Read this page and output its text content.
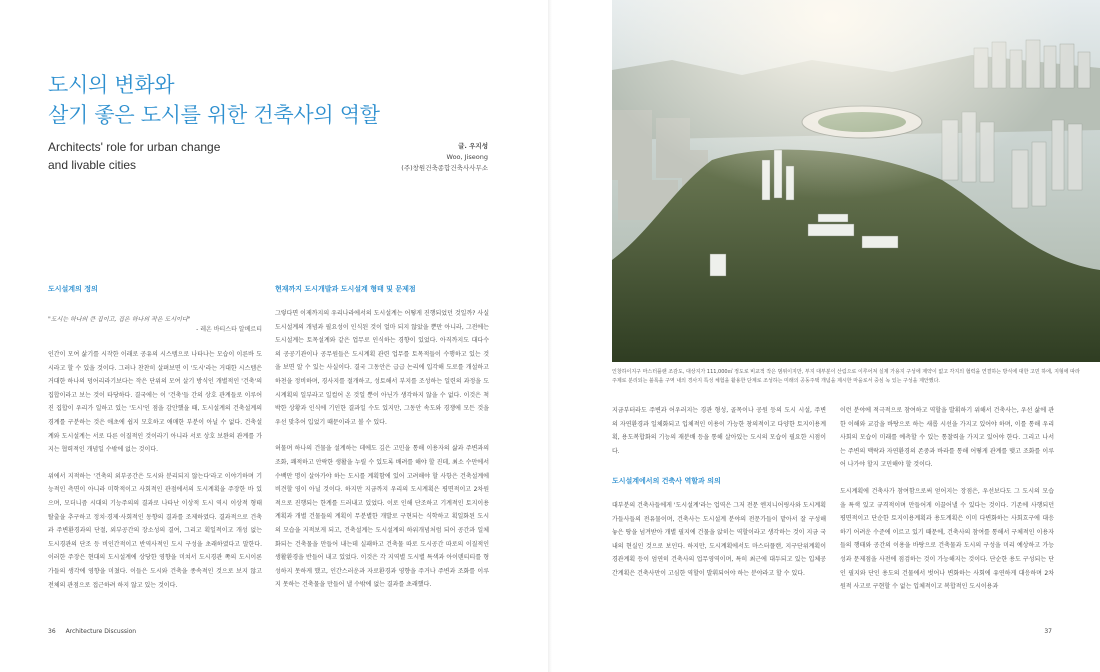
도시의 변화와
살기 좋은 도시를 위한 건축사의 역할
Architects' role for urban change
and livable cities
글. 우지성
Woo, Jiseong
(주)창원건축종합건축사사무소
도시설계의 정의
"도시는 하나의 큰 집이고, 집은 하나의 작은 도시이다"
- 레온 바티스타 알베르티

인간이 모여 삶기를 시작한 이래로 공유의 시스템으로 나타나는 모습이 이른바 도시라고 할 수 있을 것이다. 그러나 찬찬히 살펴보면 이 '도시'라는 거대한 시스템은 거대한 하나의 덩어리라기보다는 작은 단위의 모여 살기 방식인 개별적인 '건축'의 집합이라고 보는 것이 타당하다. 결국에는 이 '건축'들 간의 상호 관계들로 이루어진 집합이 우리가 일하고 있는 '도시'인 점을 감안했을 때, 도시설계의 건축설계의 경계를 구분하는 것은 애초에 쉽지 모호하고 애매한 부분이 아닐 수 없다. 건축설계와 도시설계는 서로 다른 이질적인 것이라기 아니라 서로 상호 보완의 관계를 가지는 협력적인 개념일 수밖에 없는 것이다.

위에서 지적하는 '건축의 외부공간은 도시와 분리되지 않는다'라고 이야기하며 기능적인 측면이 아니라 미학적이고 사회적인 관점에서의 도시계획을 주장한 바 있으며, 모더니즘 시대의 기능주의의 결과로 나타난 이상적 도시 역시 이상적 형태 탈출을 추구하고 정치·경제·사회적인 동향의 결과를 조제하였다. 결과적으로 건축과 주변환경과의 단절, 외부공간의 장소성의 결여, 그리고 획일적이고 개성 없는 도시경관의 단조 등 비인간적이고 반역사적인 도시 구성을 초래하였다고 말한다. 이러한 주장은 현대의 도시설계에 상당한 영향을 미쳐서 도시경관 쪽의 도시이론가들의 생각에 영향을 미쳤다. 이들은 도시와 건축을 종속적인 것으로 보지 않고 전체의 관점으로 접근하려 하지 않고 있는 것이다.

현재까지 도시개발과 도시설계 형태 및 문제점

그렇다면 이제까지의 우리나라에서의 도시설계는 어떻게 진행되었던 것일까? 사실 도시설계의 개념과 필요성이 인식된 것이 얼마 되지 않았을 뿐만 아니라, 그전에는 도시설계는 토목설계와 같은 업무로 인식하는 경향이 있었다. 아직까지도 대다수의 공공기관이나 공무원들은 도시계획 관련 업무를 토목적들이 수행하고 있는 것을 보면 알 수 있는 사실이다. 결국 그동안은 급급 논리에 입각해 도로를 개설하고 하천을 정비하며, 경사지를 절개하고, 성토해서 부지를 조성하는 일련의 과정을 도시계획의 일부라고 일컬어 온 것일 뿐이 아닌가 생각하지 않을 수 없다. 이것은 척박한 상황과 인식에 기인한 결과일 수도 있지만, 그동안 속도와 경쟁에 모든 것을 우선 맞추어 입었기 때문이라고 볼 수 있다.

허물며 하나의 건물을 설계하는 데에도 깊은 고민을 통해 이용자의 삶과 주변과의 조화, 쾌적하고 안락한 생활을 누릴 수 있도록 배려를 해야 할 진데, 최소 수만에서 수백만 명이 살아가야 하는 도시를 계획함에 있어 고려해야 할 사항은 건축설계에 비견할 영이 아닐 것이다. 하지만 지금까지 우리의 도시계획은 평면적이고 2차원적으로 진행되는 한계를 드러내고 있었다. 이로 인해 단조하고 기계적인 토지이용계획과 개별 건물들의 계획이 무분별한 개발로 구현되는 식학하고 획일화된 도시의 모습을 지적보게 되고, 건축설계는 도시설계의 하위개념처럼 되어 공간과 일체화되는 건축물을 만들어 내는데 실패하고 건축물 따로 도시공간 따로의 이질적인 생활환경을 반들어 내고 있었다. 이것은 각 지역별 도시별 특색과 아이덴티티를 형성하지 못하게 했고, 인간스러운과 자로환경과 영향을 주거나 주변과 조화를 이루지 못하는 건축물을 만들어 낼 수밖에 없는 결과를 초래했다.

36 Architecture Discussion
인창하이지구 마스터플랜 조감도, 대상지가 111,000㎡ 정도로 비교적 작은 범위이지만, 부지 대부분이 산림으로 이루어져 실제 가용지 구성에 제약이 없고 각지의 협력을 연결하는 방식에 대한 고민 하에, 지형에 따라 주제로 분리되는 블록을 구역 내의 경사지 특성 체험을 활용한 단계로 조성하는 미래의 공동주택 개념을 제시한 마을로서 중심 녹 있는 구성을 제안했다.

지금부터라도 주변과 어우러지는 경관 형성, 골목이나 공원 등의 도시 시설, 주변의 자연환경과 일체화되고 입체적인 이용이 가능한 창의적이고 다양한 토지이용계획, 용도복합화의 기능의 재분배 등을 통해 살아있는 도시의 모습이 필요한 시점이다.

도시설계에서의 건축사 역할과 의의

대부분의 건축사들에게 '도시설계'라는 업역은 그저 전문 엔지니어링사와 도시계획가들사들의 전유물이며, 건축사는 도시설계 분야의 전문가들이 맡아서 잘 구성해 놓은 땅을 넘겨받아 개별 필지에 건물을 앉히는 역할이라고 생각하는 것이 지금 국내의 현실인 것으로 보인다. 하지만, 도시계획에서도 마스터플랜, 지구단위계획이 경관계획 등이 엄연히 건축사의 업무영역이며, 특히 최근에 대두되고 있는 입체공간계획은 건축사만이 고심한 역할이 발휘되어야 하는 분야라고 할 수 있다.

이런 분야에 적극적으로 참여하고 역할을 발휘하기 위해서 건축사는, 우선 삶에 관한 이해와 교감을 바탕으로 하는 새롭 시선을 가지고 있어야 하며, 이를 통해 우리 사회의 모습이 미래를 예측할 수 있는 통찰력을 가지고 있어야 한다. 그리고 나서는 주변의 맥락과 자연환경의 존중과 바라를 통해 어떻게 관계를 맺고 조화를 이루어 나가야 할지 고민해야 할 것이다.

도시계획에 건축사가 참여함으로써 얻어지는 장점은, 우선보다도 그 도시의 모습을 특색 있고 규격적이며 만들어게 이끌어낼 수 있다는 것이다. 기존에 사행되던 평면적이고 단순한 토지이용계획과 용도계획은 이미 다변화하는 사회흐구에 대응하기 어려운 수준에 이르고 있기 때문에, 건축사의 참여를 통해서 구체적인 이용자들의 행태와 공간의 이용을 바탕으로 건축물과 도시의 구성을 미리 예상하고 가능성과 문제점을 사전에 점검하는 것이 가능해지는 것이다. 단순한 용도 구성되는 단인 필지와 단인 용도의 건물에서 벗어나 변화하는 사회에 유연하게 대응하며 2차원적 사고로 구현할 수 없는 입체적이고 복합적인 도시이용과

37
